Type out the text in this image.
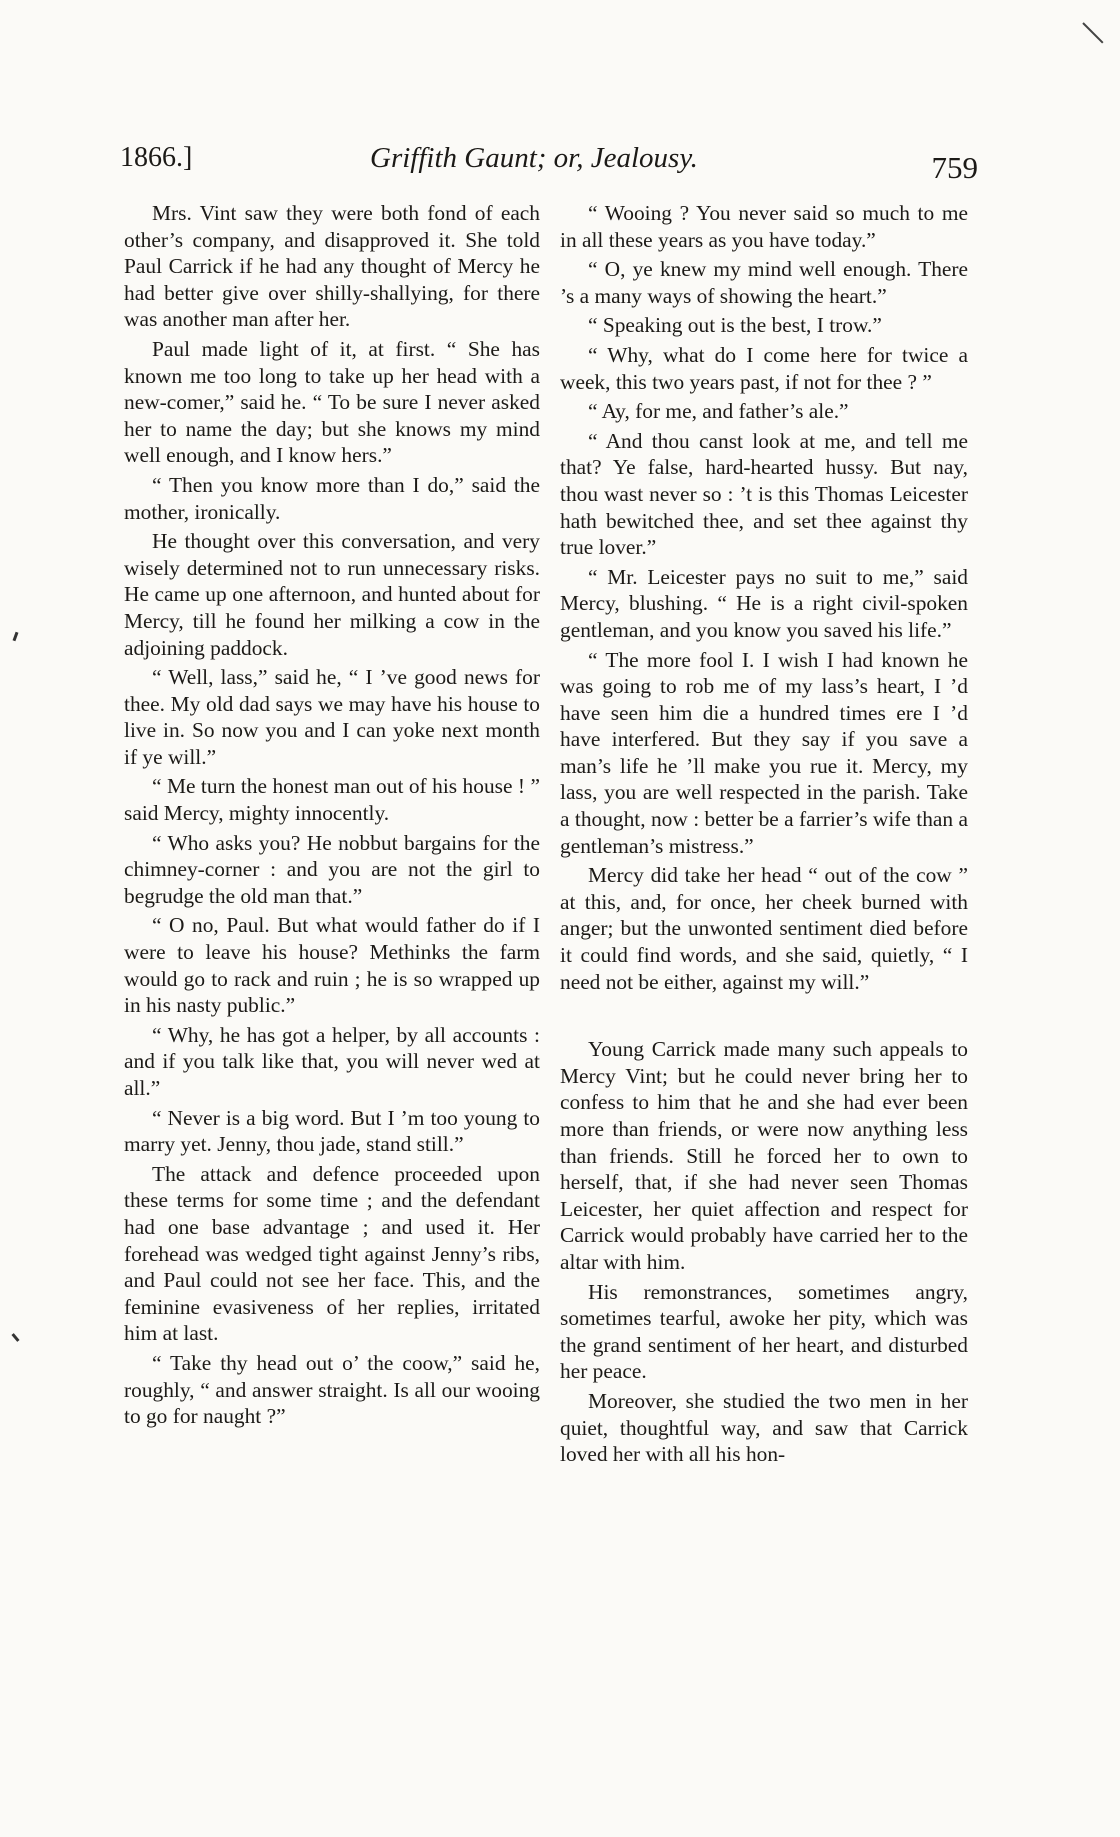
1866.]	Griffith Gaunt; or, Jealousy.	759

Mrs. Vint saw they were both fond of each other’s company, and disapproved it. She told Paul Carrick if he had any thought of Mercy he had better give over shilly-shallying, for there was another man after her.

Paul made light of it, at first. “ She has known me too long to take up her head with a new-comer,” said he. “ To be sure I never asked her to name the day; but she knows my mind well enough, and I know hers.”

“ Then you know more than I do,” said the mother, ironically.

He thought over this conversation, and very wisely determined not to run unnecessary risks. He came up one afternoon, and hunted about for Mercy, till he found her milking a cow in the adjoining paddock.

“ Well, lass,” said he, “ I ’ve good news for thee. My old dad says we may have his house to live in. So now you and I can yoke next month if ye will.”

“ Me turn the honest man out of his house ! ” said Mercy, mighty innocently.

“ Who asks you? He nobbut bargains for the chimney-corner : and you are not the girl to begrudge the old man that.”

“ O no, Paul. But what would father do if I were to leave his house? Methinks the farm would go to rack and ruin ; he is so wrapped up in his nasty public.”

“ Why, he has got a helper, by all accounts : and if you talk like that, you will never wed at all.”

“ Never is a big word. But I ’m too young to marry yet. Jenny, thou jade, stand still.”

The attack and defence proceeded upon these terms for some time ; and the defendant had one base advantage ; and used it. Her forehead was wedged tight against Jenny’s ribs, and Paul could not see her face. This, and the feminine evasiveness of her replies, irritated him at last.

“ Take thy head out o’ the coow,” said he, roughly, “ and answer straight. Is all our wooing to go for naught ?”

“ Wooing ? You never said so much to me in all these years as you have today.”

“ O, ye knew my mind well enough. There ’s a many ways of showing the heart.”

“ Speaking out is the best, I trow.”

“ Why, what do I come here for twice a week, this two years past, if not for thee ? ”

“ Ay, for me, and father’s ale.”

“ And thou canst look at me, and tell me that? Ye false, hard-hearted hussy. But nay, thou wast never so : ’t is this Thomas Leicester hath bewitched thee, and set thee against thy true lover.”

“ Mr. Leicester pays no suit to me,” said Mercy, blushing. “ He is a right civil-spoken gentleman, and you know you saved his life.”

“ The more fool I. I wish I had known he was going to rob me of my lass’s heart, I ’d have seen him die a hundred times ere I ’d have interfered. But they say if you save a man’s life he ’ll make you rue it. Mercy, my lass, you are well respected in the parish. Take a thought, now : better be a farrier’s wife than a gentleman’s mistress.”

Mercy did take her head “ out of the cow ” at this, and, for once, her cheek burned with anger; but the unwonted sentiment died before it could find words, and she said, quietly, “ I need not be either, against my will.”

Young Carrick made many such appeals to Mercy Vint; but he could never bring her to confess to him that he and she had ever been more than friends, or were now anything less than friends. Still he forced her to own to herself, that, if she had never seen Thomas Leicester, her quiet affection and respect for Carrick would probably have carried her to the altar with him.

His remonstrances, sometimes angry, sometimes tearful, awoke her pity, which was the grand sentiment of her heart, and disturbed her peace.

Moreover, she studied the two men in her quiet, thoughtful way, and saw that Carrick loved her with all his hon-
